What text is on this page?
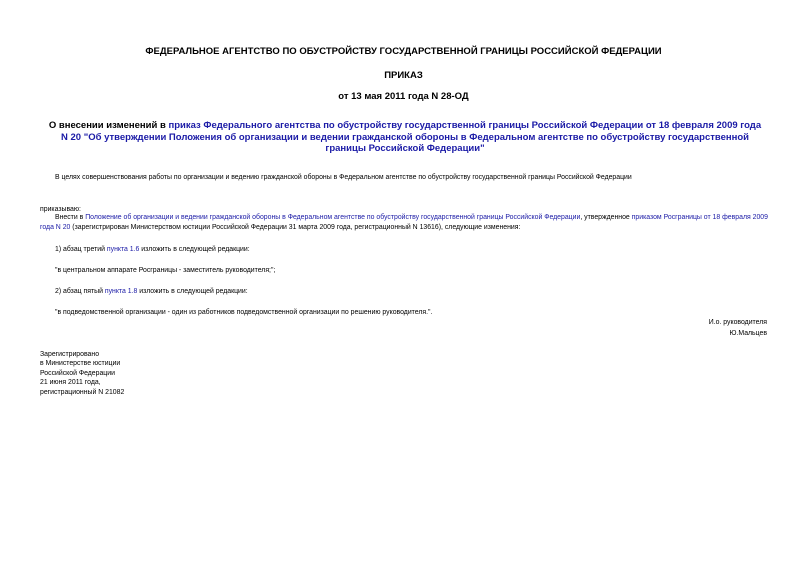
ФЕДЕРАЛЬНОЕ АГЕНТСТВО ПО ОБУСТРОЙСТВУ ГОСУДАРСТВЕННОЙ ГРАНИЦЫ РОССИЙСКОЙ ФЕДЕРАЦИИ
ПРИКАЗ
от 13 мая 2011 года N 28-ОД
О внесении изменений в приказ Федерального агентства по обустройству государственной границы Российской Федерации от 18 февраля 2009 года N 20 "Об утверждении Положения об организации и ведении гражданской обороны в Федеральном агентстве по обустройству государственной границы Российской Федерации"
В целях совершенствования работы по организации и ведению гражданской обороны в Федеральном агентстве по обустройству государственной границы Российской Федерации
приказываю:
Внести в Положение об организации и ведении гражданской обороны в Федеральном агентстве по обустройству государственной границы Российской Федерации, утвержденное приказом Росграницы от 18 февраля 2009 года N 20 (зарегистрирован Министерством юстиции Российской Федерации 31 марта 2009 года, регистрационный N 13616), следующие изменения:
1) абзац третий пункта 1.6 изложить в следующей редакции:
"в центральном аппарате Росграницы - заместитель руководителя;";
2) абзац пятый пункта 1.8 изложить в следующей редакции:
"в подведомственной организации - один из работников подведомственной организации по решению руководителя.".
И.о. руководителя
Ю.Мальцев
Зарегистрировано
в Министерстве юстиции
Российской Федерации
21 июня 2011 года,
регистрационный N 21082
